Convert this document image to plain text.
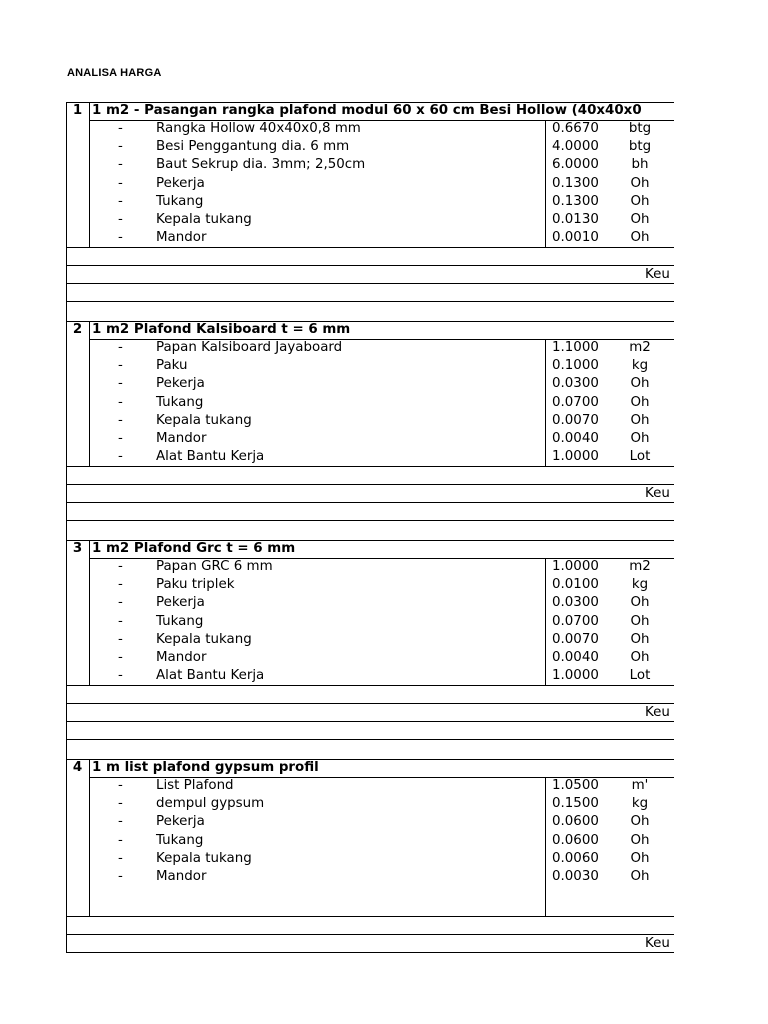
ANALISA HARGA
1 1 m2 - Pasangan rangka plafond modul 60 x 60 cm Besi Hollow (40x40x0
- Rangka Hollow 40x40x0,8 mm	0.6670	btg
- Besi Penggantung dia. 6 mm	4.0000	btg
- Baut Sekrup dia. 3mm; 2,50cm	6.0000	bh
- Pekerja	0.1300	Oh
- Tukang	0.1300	Oh
- Kepala tukang	0.0130	Oh
- Mandor	0.0010	Oh
Keu
2 1 m2 Plafond Kalsiboard t = 6 mm
- Papan Kalsiboard Jayaboard	1.1000	m2
- Paku	0.1000	kg
- Pekerja	0.0300	Oh
- Tukang	0.0700	Oh
- Kepala tukang	0.0070	Oh
- Mandor	0.0040	Oh
- Alat Bantu Kerja	1.0000	Lot
Keu
3 1 m2 Plafond Grc t = 6 mm
- Papan GRC 6 mm	1.0000	m2
- Paku triplek	0.0100	kg
- Pekerja	0.0300	Oh
- Tukang	0.0700	Oh
- Kepala tukang	0.0070	Oh
- Mandor	0.0040	Oh
- Alat Bantu Kerja	1.0000	Lot
Keu
4 1 m list plafond gypsum profil
- List Plafond	1.0500	m'
- dempul gypsum	0.1500	kg
- Pekerja	0.0600	Oh
- Tukang	0.0600	Oh
- Kepala tukang	0.0060	Oh
- Mandor	0.0030	Oh
Keu
